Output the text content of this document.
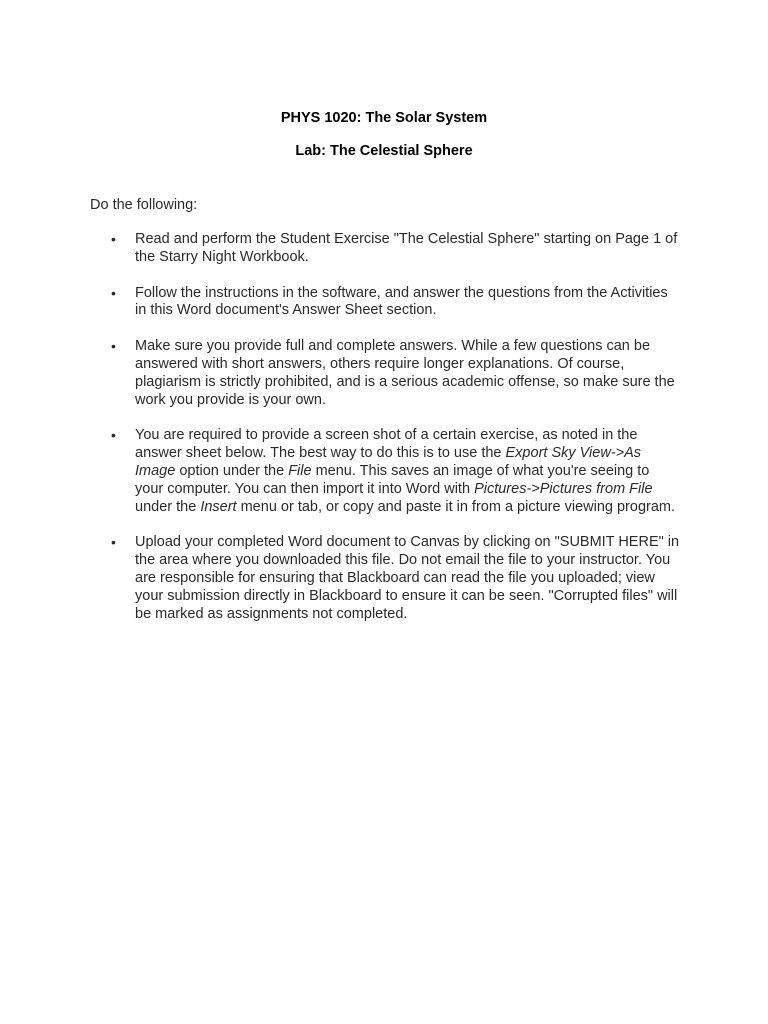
PHYS 1020: The Solar System
Lab: The Celestial Sphere
Do the following:
• Read and perform the Student Exercise "The Celestial Sphere" starting on Page 1 of the Starry Night Workbook.
• Follow the instructions in the software, and answer the questions from the Activities in this Word document's Answer Sheet section.
• Make sure you provide full and complete answers. While a few questions can be answered with short answers, others require longer explanations. Of course, plagiarism is strictly prohibited, and is a serious academic offense, so make sure the work you provide is your own.
• You are required to provide a screen shot of a certain exercise, as noted in the answer sheet below. The best way to do this is to use the Export Sky View->As Image option under the File menu. This saves an image of what you're seeing to your computer. You can then import it into Word with Pictures->Pictures from File under the Insert menu or tab, or copy and paste it in from a picture viewing program.
• Upload your completed Word document to Canvas by clicking on "SUBMIT HERE" in the area where you downloaded this file. Do not email the file to your instructor. You are responsible for ensuring that Blackboard can read the file you uploaded; view your submission directly in Blackboard to ensure it can be seen. "Corrupted files" will be marked as assignments not completed.
